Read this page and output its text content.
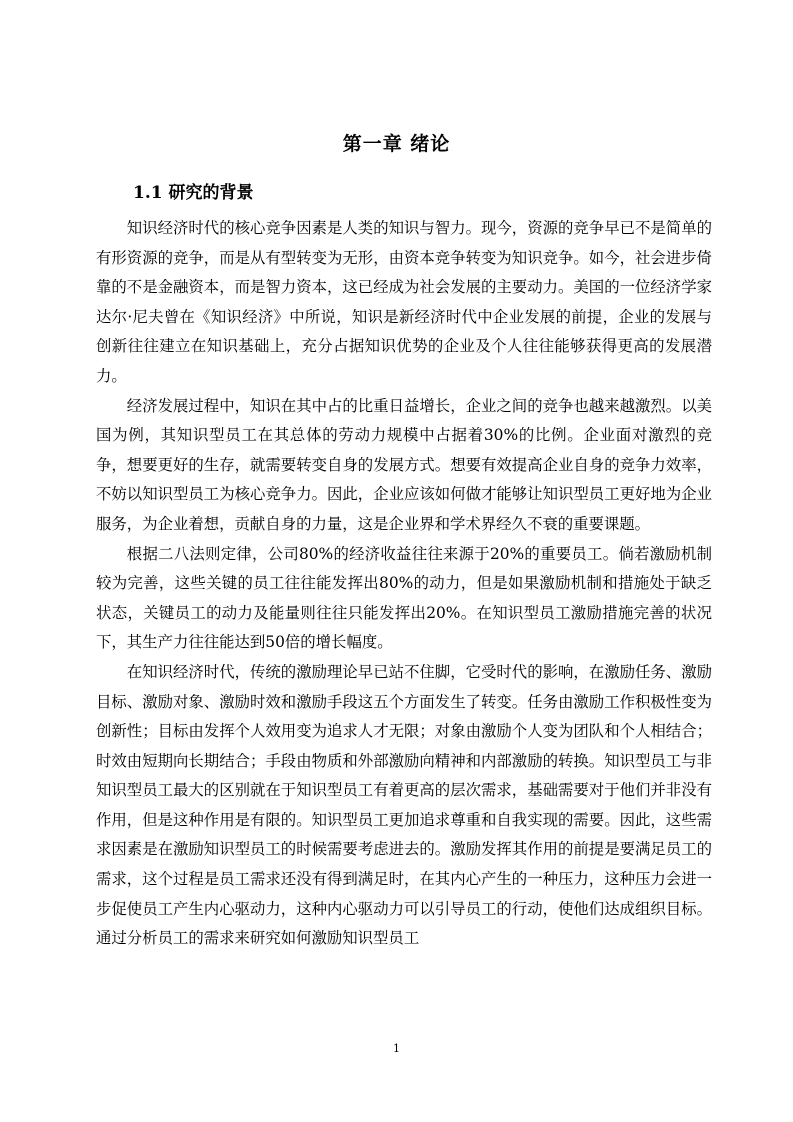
第一章 绪论
1.1 研究的背景

知识经济时代的核心竞争因素是人类的知识与智力。现今，资源的竞争早已不是简单的有形资源的竞争，而是从有型转变为无形，由资本竞争转变为知识竞争。如今，社会进步倚靠的不是金融资本，而是智力资本，这已经成为社会发展的主要动力。美国的一位经济学家达尔·尼夫曾在《知识经济》中所说，知识是新经济时代中企业发展的前提，企业的发展与创新往往建立在知识基础上，充分占据知识优势的企业及个人往往能够获得更高的发展潜力。

经济发展过程中，知识在其中占的比重日益增长，企业之间的竞争也越来越激烈。以美国为例，其知识型员工在其总体的劳动力规模中占据着30%的比例。企业面对激烈的竞争，想要更好的生存，就需要转变自身的发展方式。想要有效提高企业自身的竞争力效率，不妨以知识型员工为核心竞争力。因此，企业应该如何做才能够让知识型员工更好地为企业服务，为企业着想，贡献自身的力量，这是企业界和学术界经久不衰的重要课题。

根据二八法则定律，公司80%的经济收益往往来源于20%的重要员工。倘若激励机制较为完善，这些关键的员工往往能发挥出80%的动力，但是如果激励机制和措施处于缺乏状态，关键员工的动力及能量则往往只能发挥出20%。在知识型员工激励措施完善的状况下，其生产力往往能达到50倍的增长幅度。

在知识经济时代，传统的激励理论早已站不住脚，它受时代的影响，在激励任务、激励目标、激励对象、激励时效和激励手段这五个方面发生了转变。任务由激励工作积极性变为创新性；目标由发挥个人效用变为追求人才无限；对象由激励个人变为团队和个人相结合；时效由短期向长期结合；手段由物质和外部激励向精神和内部激励的转换。知识型员工与非知识型员工最大的区别就在于知识型员工有着更高的层次需求，基础需要对于他们并非没有作用，但是这种作用是有限的。知识型员工更加追求尊重和自我实现的需要。因此，这些需求因素是在激励知识型员工的时候需要考虑进去的。激励发挥其作用的前提是要满足员工的需求，这个过程是员工需求还没有得到满足时，在其内心产生的一种压力，这种压力会进一步促使员工产生内心驱动力，这种内心驱动力可以引导员工的行动，使他们达成组织目标。通过分析员工的需求来研究如何激励知识型员工

1
